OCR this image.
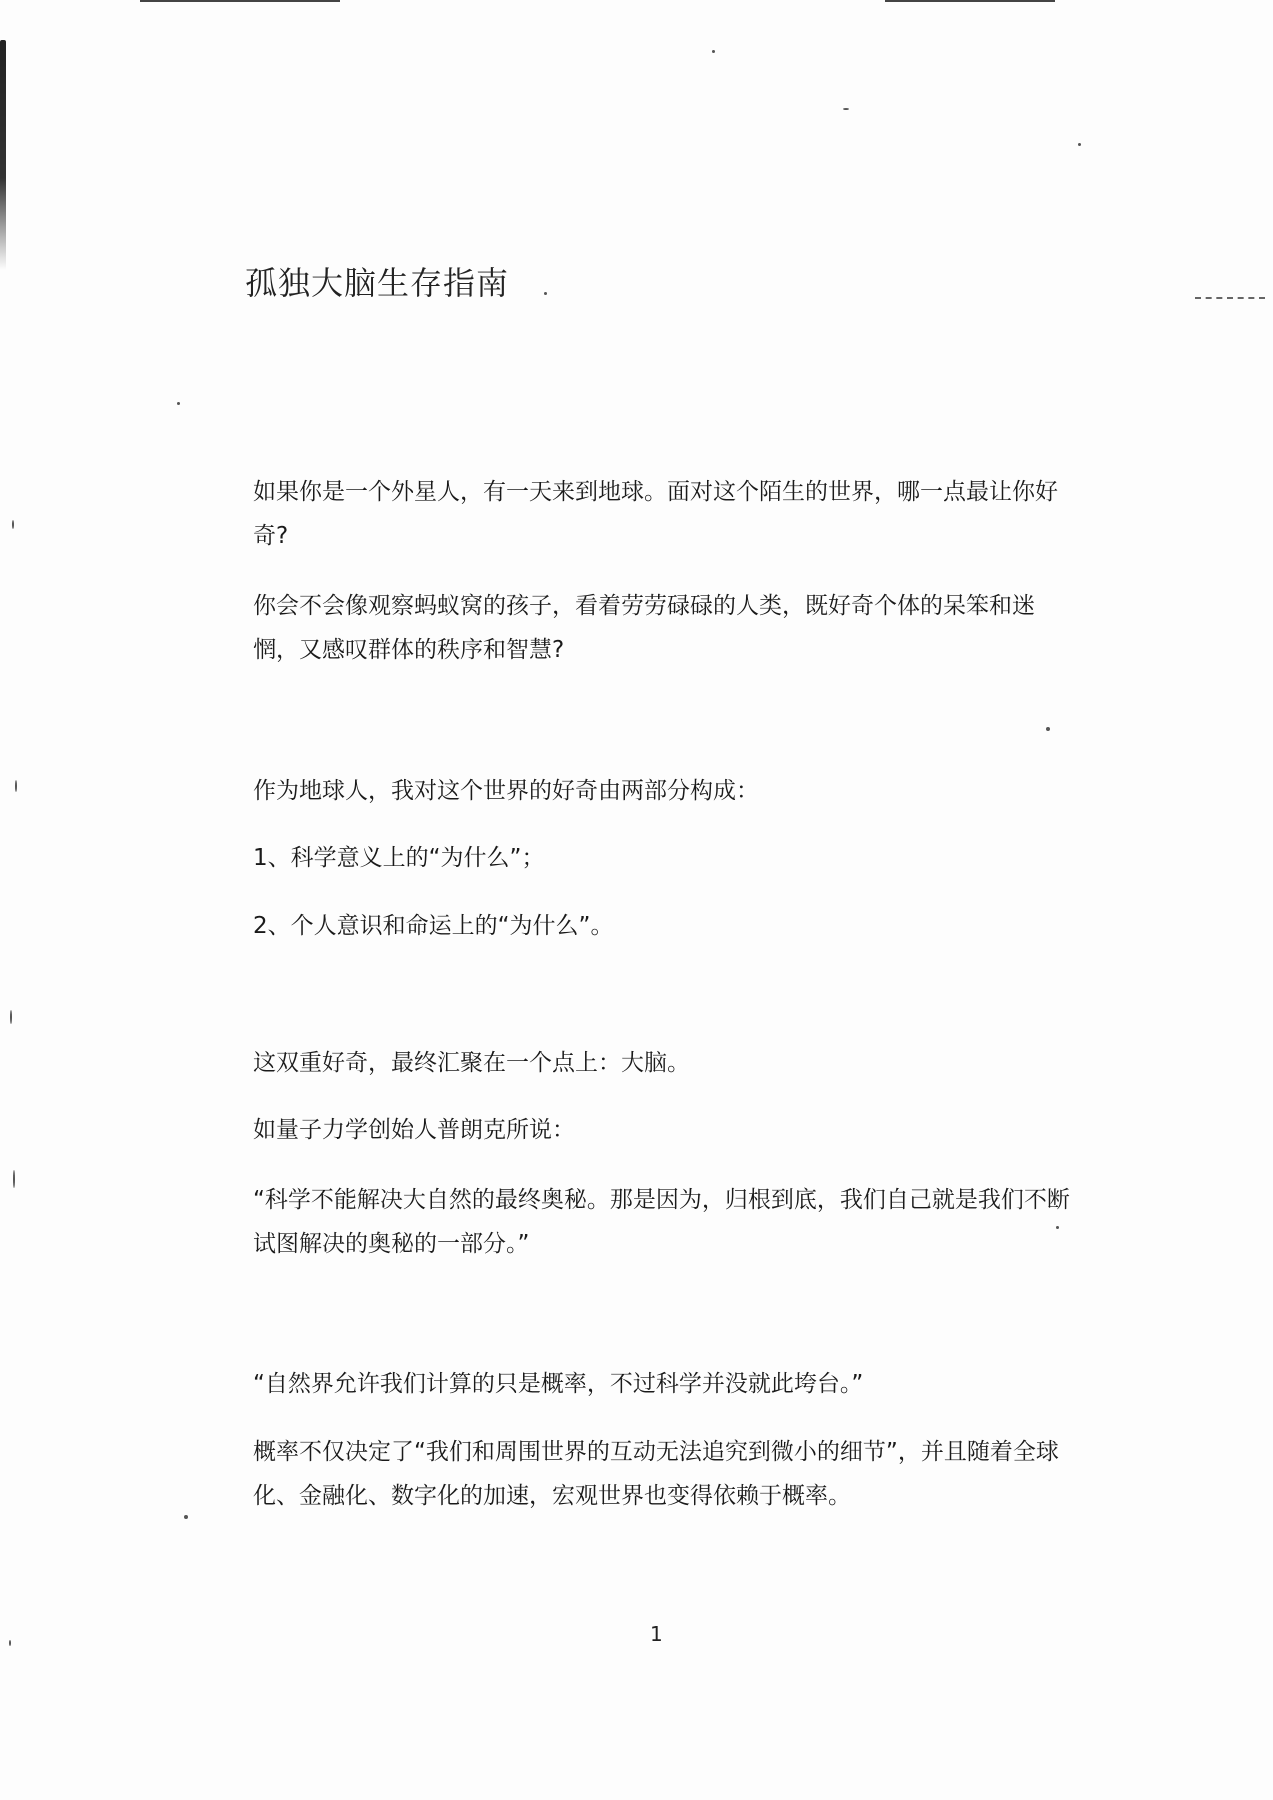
孤独大脑生存指南

如果你是一个外星人，有一天来到地球。面对这个陌生的世界，哪一点最让你好奇?

你会不会像观察蚂蚁窝的孩子，看着劳劳碌碌的人类，既好奇个体的呆笨和迷惘，又感叹群体的秩序和智慧?

作为地球人，我对这个世界的好奇由两部分构成：

1、科学意义上的“为什么”；

2、个人意识和命运上的“为什么”。

这双重好奇，最终汇聚在一个点上：大脑。

如量子力学创始人普朗克所说：

“科学不能解决大自然的最终奥秘。那是因为，归根到底，我们自己就是我们不断试图解决的奥秘的一部分。”

“自然界允许我们计算的只是概率，不过科学并没就此垮台。”

概率不仅决定了“我们和周围世界的互动无法追究到微小的细节”，并且随着全球化、金融化、数字化的加速，宏观世界也变得依赖于概率。

1
